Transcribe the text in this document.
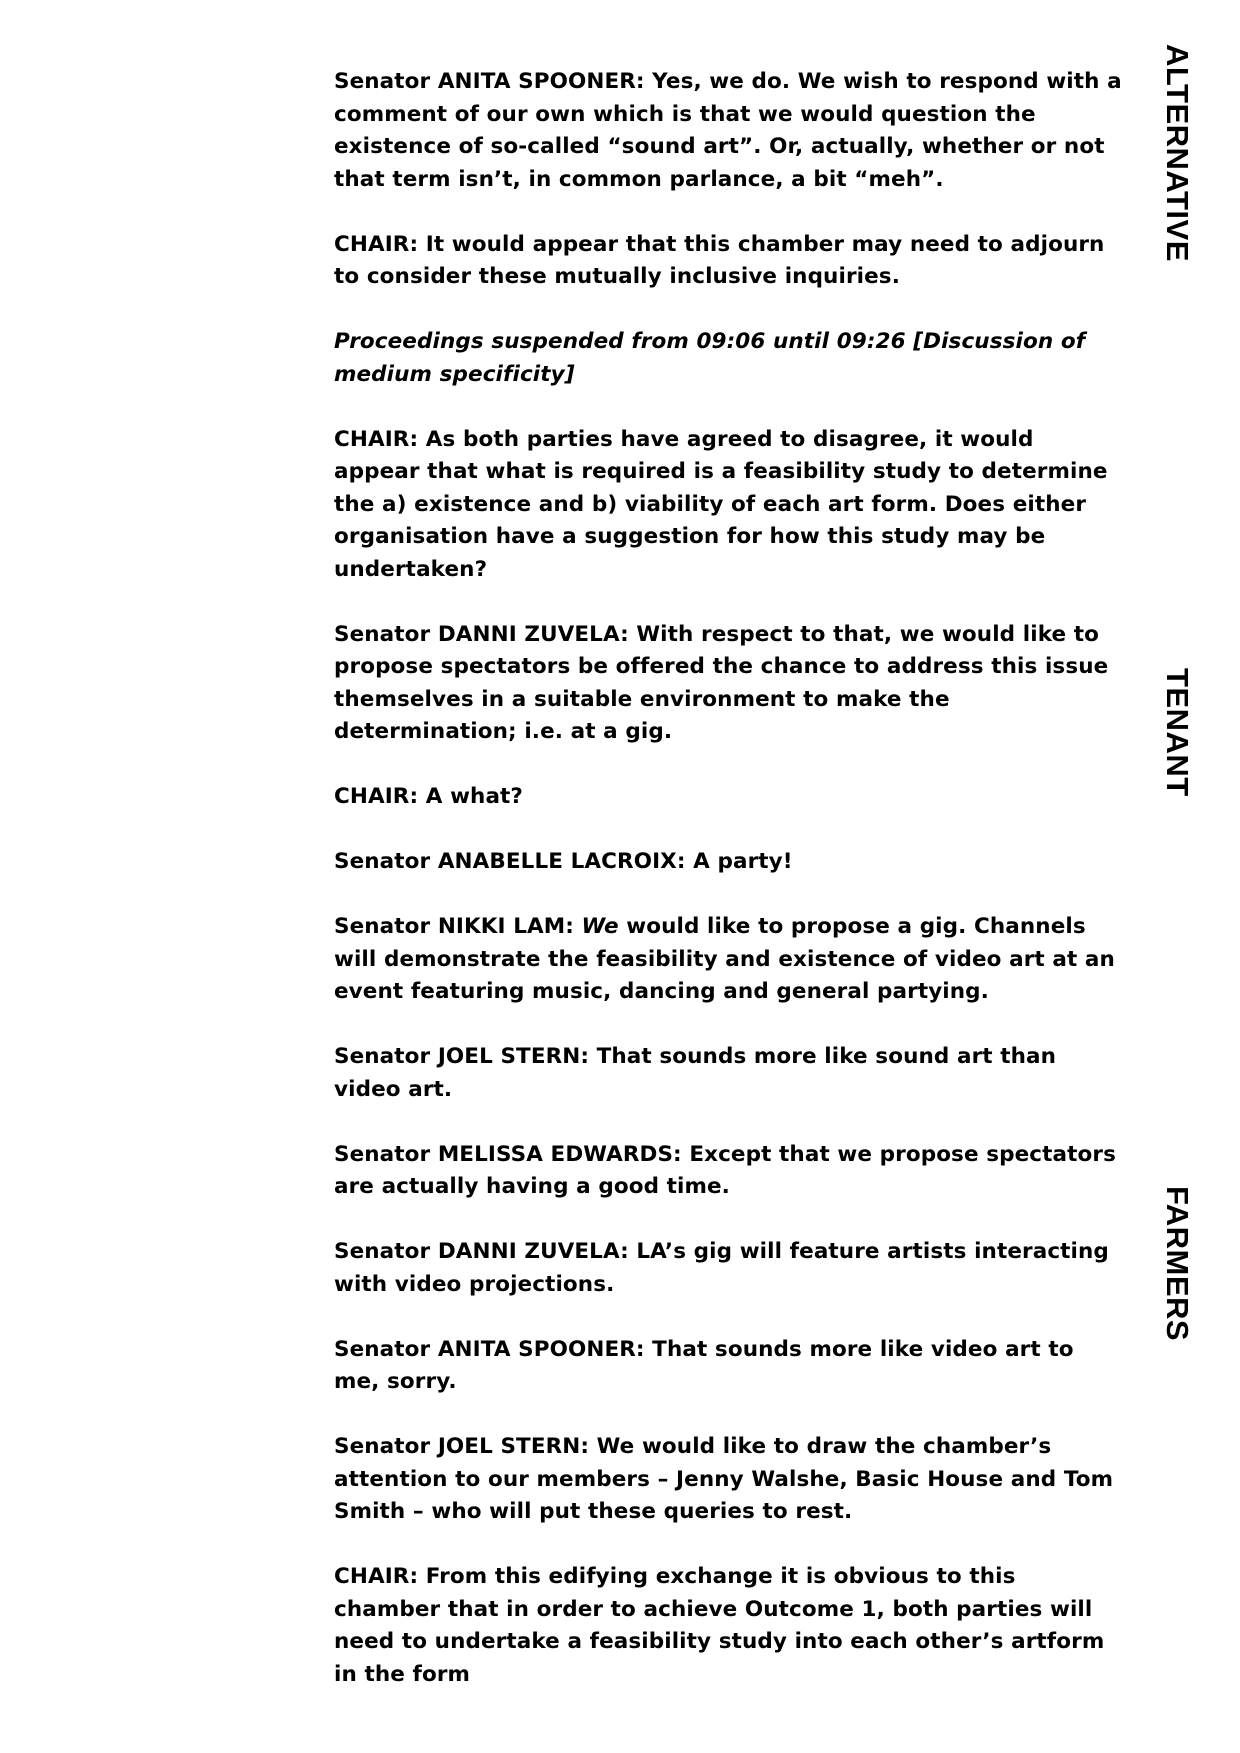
Senator ANITA SPOONER: Yes, we do. We wish to respond with a comment of our own which is that we would question the existence of so-called “sound art”. Or, actually, whether or not that term isn’t, in common parlance, a bit “meh”.

CHAIR: It would appear that this chamber may need to adjourn to consider these mutually inclusive inquiries.

Proceedings suspended from 09:06 until 09:26 [Discussion of medium specificity]

CHAIR: As both parties have agreed to disagree, it would appear that what is required is a feasibility study to determine the a) existence and b) viability of each art form. Does either organisation have a suggestion for how this study may be undertaken?

Senator DANNI ZUVELA: With respect to that, we would like to propose spectators be offered the chance to address this issue themselves in a suitable environment to make the determination; i.e. at a gig.

CHAIR: A what?

Senator ANABELLE LACROIX: A party!

Senator NIKKI LAM: We would like to propose a gig. Channels will demonstrate the feasibility and existence of video art at an event featuring music, dancing and general partying.

Senator JOEL STERN: That sounds more like sound art than video art.

Senator MELISSA EDWARDS: Except that we propose spectators are actually having a good time.

Senator DANNI ZUVELA: LA’s gig will feature artists interacting with video projections.

Senator ANITA SPOONER: That sounds more like video art to me, sorry.

Senator JOEL STERN: We would like to draw the chamber’s attention to our members – Jenny Walshe, Basic House and Tom Smith – who will put these queries to rest.

CHAIR: From this edifying exchange it is obvious to this chamber that in order to achieve Outcome 1, both parties will need to undertake a feasibility study into each other’s artform in the form

ALTERNATIVE
TENANT
FARMERS
